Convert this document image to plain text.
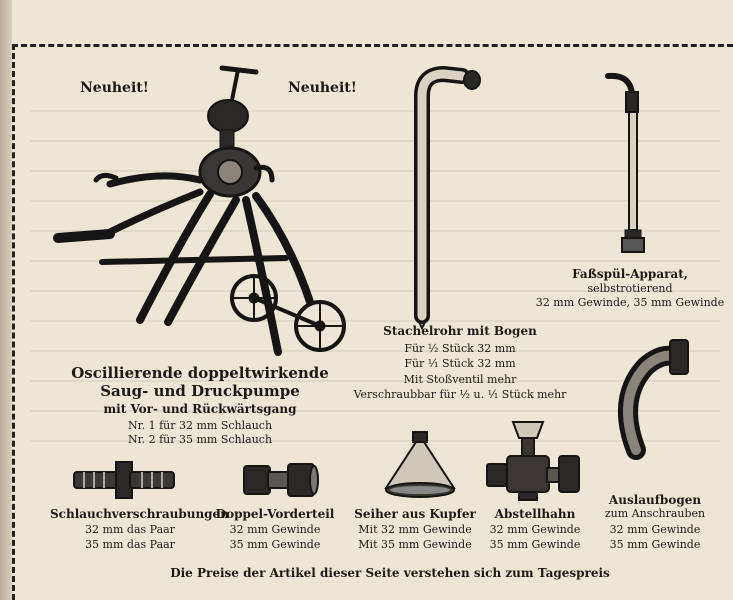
Neuheit!	Neuheit!
Oscillierende doppeltwirkende
Saug- und Druckpumpe
mit Vor- und Rückwärtsgang
Nr. 1 für 32 mm Schlauch
Nr. 2 für 35 mm Schlauch
Stachelrohr mit Bogen
Für ½ Stück 32 mm
Für ¹⁄₁ Stück 32 mm
Mit Stoßventil mehr
Verschraubbar für ½ u. ¹⁄₁ Stück mehr
Faßspül-Apparat,
selbstrotierend
32 mm Gewinde, 35 mm Gewinde
Schlauchverschraubungen
32 mm das Paar
35 mm das Paar
Doppel-Vorderteil
32 mm Gewinde
35 mm Gewinde
Seiher aus Kupfer
Mit 32 mm Gewinde
Mit 35 mm Gewinde
Abstellhahn
32 mm Gewinde
35 mm Gewinde
Auslaufbogen
zum Anschrauben
32 mm Gewinde
35 mm Gewinde
Die Preise der Artikel dieser Seite verstehen sich zum Tagespreis
